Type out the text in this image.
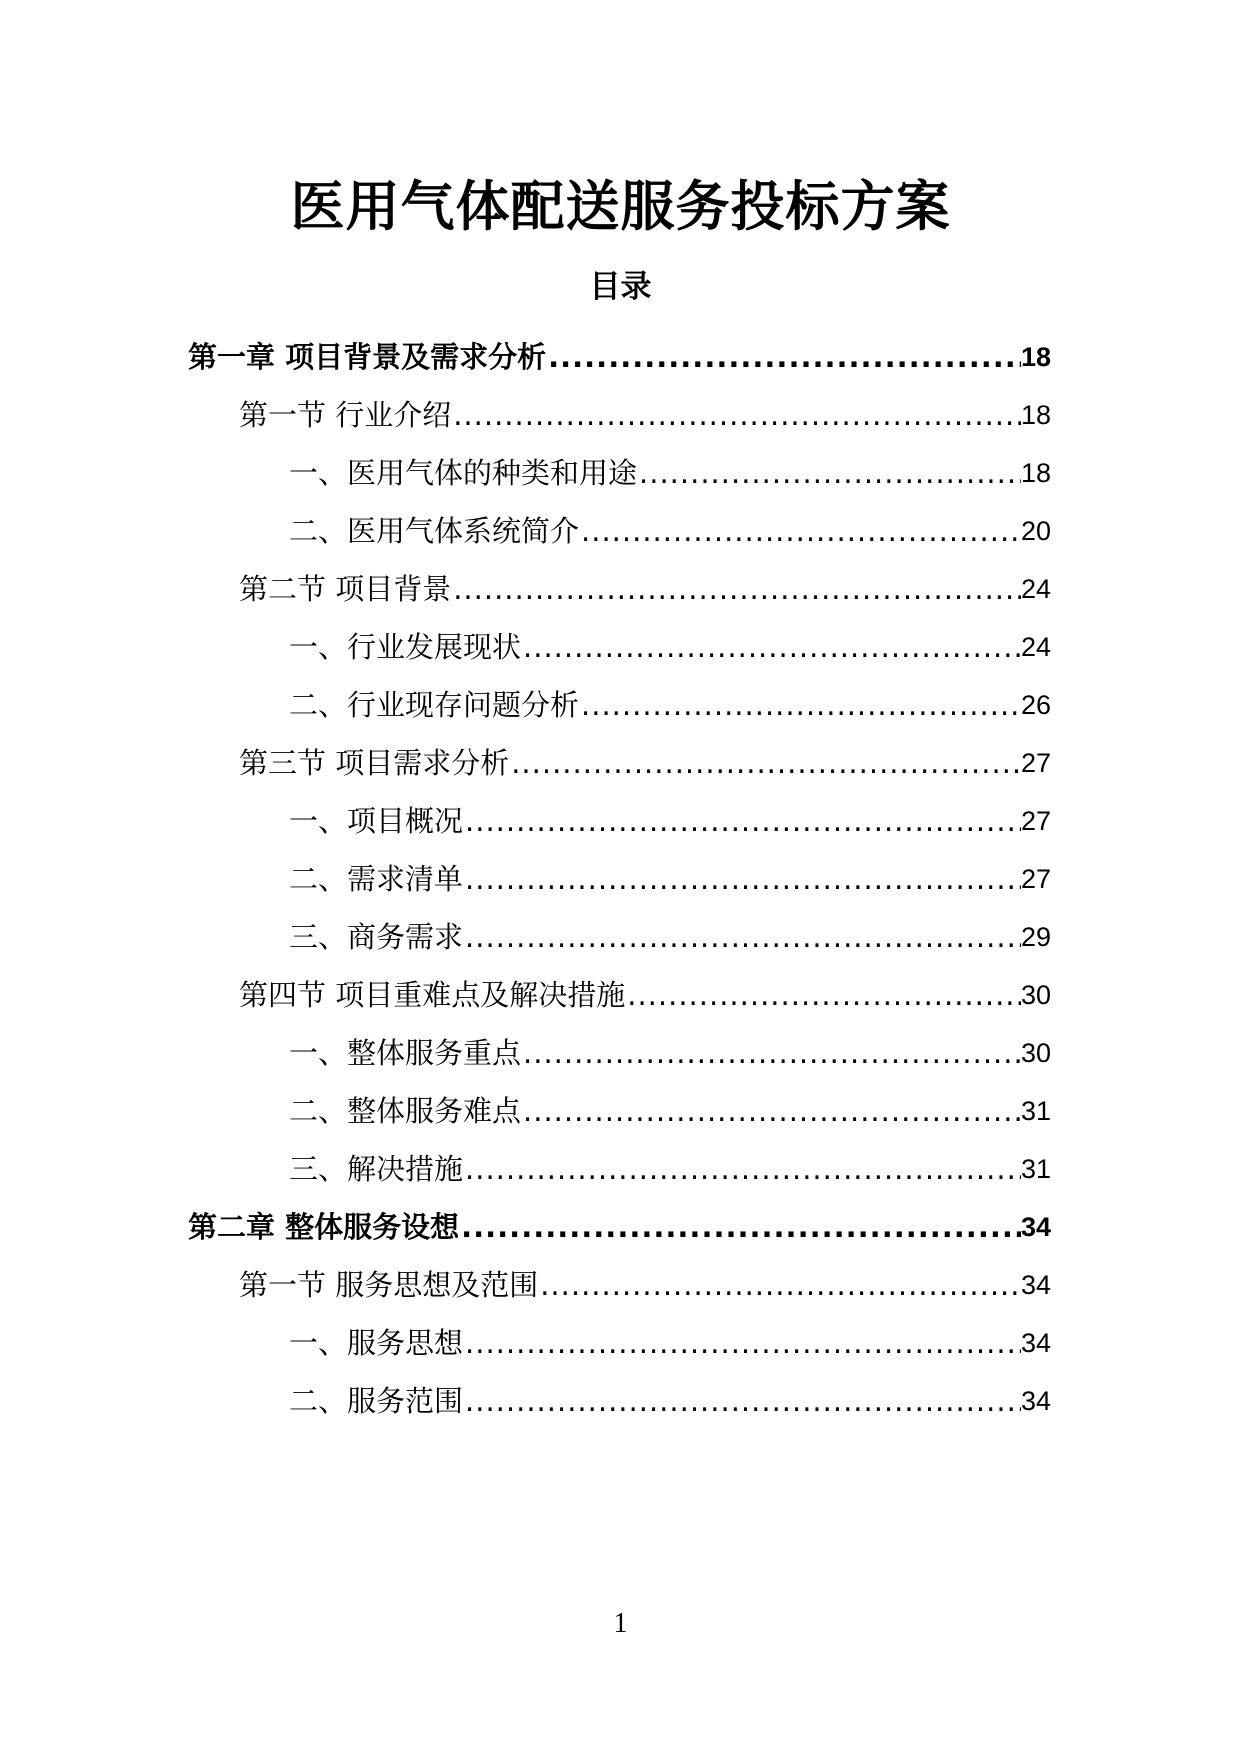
医用气体配送服务投标方案
目录
第一章 项目背景及需求分析 .....	18
第一节 行业介绍 .....	18
一、医用气体的种类和用途 .....	18
二、医用气体系统简介 .....	20
第二节 项目背景 .....	24
一、行业发展现状 .....	24
二、行业现存问题分析 .....	26
第三节 项目需求分析 .....	27
一、项目概况 .....	27
二、需求清单 .....	27
三、商务需求 .....	29
第四节 项目重难点及解决措施 .....	30
一、整体服务重点 .....	30
二、整体服务难点 .....	31
三、解决措施 .....	31
第二章 整体服务设想 .....	34
第一节 服务思想及范围 .....	34
一、服务思想 .....	34
二、服务范围 .....	34
1
